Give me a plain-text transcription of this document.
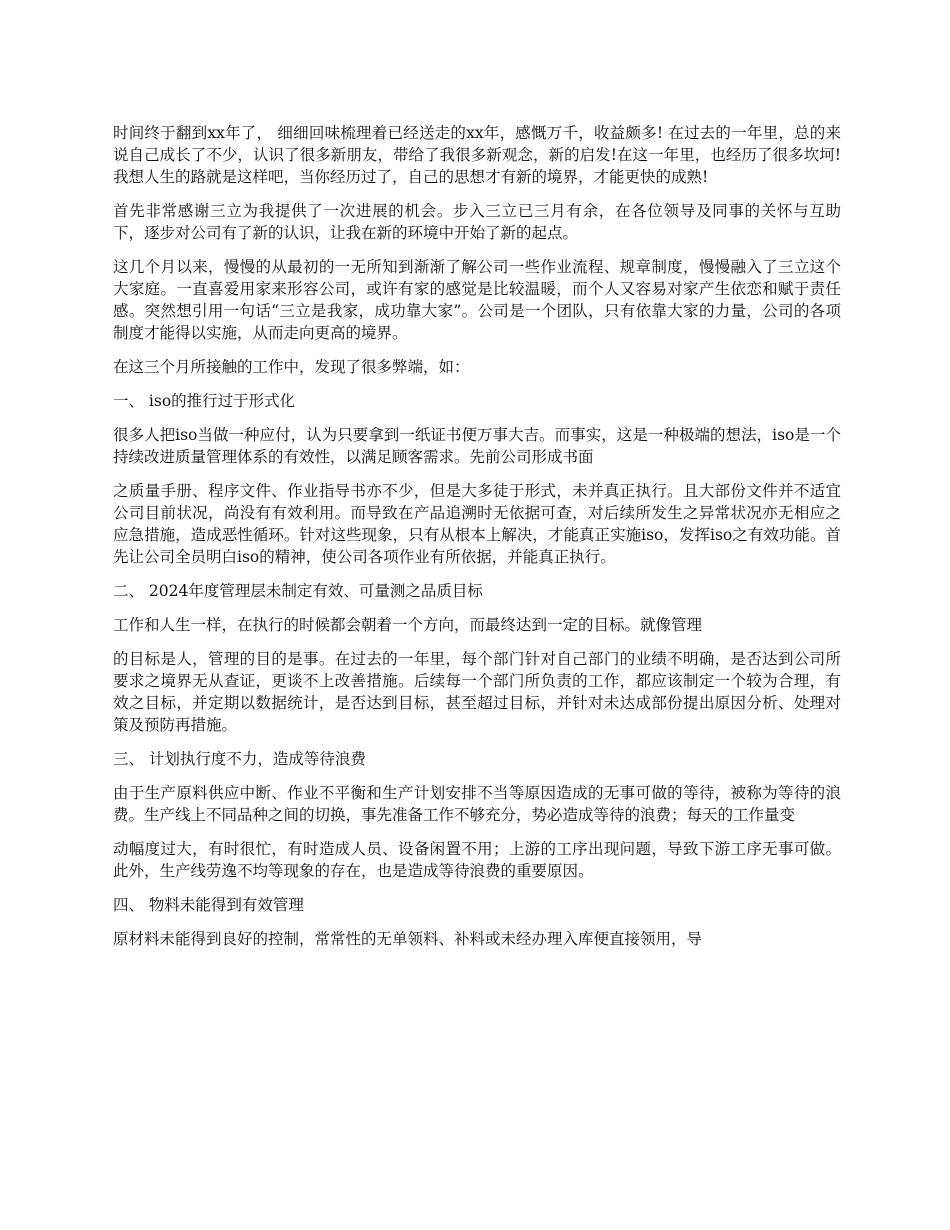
时间终于翻到xx年了， 细细回味梳理着已经送走的xx年，感慨万千，收益颇多! 在过去的一年里，总的来说自己成长了不少，认识了很多新朋友，带给了我很多新观念，新的启发!在这一年里，也经历了很多坎坷!我想人生的路就是这样吧，当你经历过了，自己的思想才有新的境界，才能更快的成熟!

首先非常感谢三立为我提供了一次进展的机会。步入三立已三月有余，在各位领导及同事的关怀与互助下，逐步对公司有了新的认识，让我在新的环境中开始了新的起点。

这几个月以来，慢慢的从最初的一无所知到渐渐了解公司一些作业流程、规章制度，慢慢融入了三立这个大家庭。一直喜爱用家来形容公司，或许有家的感觉是比较温暖，而个人又容易对家产生依恋和赋于责任感。突然想引用一句话“三立是我家，成功靠大家”。公司是一个团队，只有依靠大家的力量，公司的各项制度才能得以实施，从而走向更高的境界。

在这三个月所接触的工作中，发现了很多弊端，如：

一、 iso的推行过于形式化

很多人把iso当做一种应付，认为只要拿到一纸证书便万事大吉。而事实，这是一种极端的想法，iso是一个持续改进质量管理体系的有效性，以满足顾客需求。先前公司形成书面

之质量手册、程序文件、作业指导书亦不少，但是大多徒于形式，未并真正执行。且大部份文件并不适宜公司目前状况，尚没有有效利用。而导致在产品追溯时无依据可查，对后续所发生之异常状况亦无相应之应急措施，造成恶性循环。针对这些现象，只有从根本上解决，才能真正实施iso，发挥iso之有效功能。首先让公司全员明白iso的精神，使公司各项作业有所依据，并能真正执行。

二、 2024年度管理层未制定有效、可量测之品质目标

工作和人生一样，在执行的时候都会朝着一个方向，而最终达到一定的目标。就像管理

的目标是人，管理的目的是事。在过去的一年里，每个部门针对自己部门的业绩不明确，是否达到公司所要求之境界无从查证，更谈不上改善措施。后续每一个部门所负责的工作，都应该制定一个较为合理，有效之目标，并定期以数据统计，是否达到目标，甚至超过目标，并针对未达成部份提出原因分析、处理对策及预防再措施。

三、 计划执行度不力，造成等待浪费

由于生产原料供应中断、作业不平衡和生产计划安排不当等原因造成的无事可做的等待，被称为等待的浪费。生产线上不同品种之间的切换，事先准备工作不够充分，势必造成等待的浪费；每天的工作量变

动幅度过大，有时很忙，有时造成人员、设备闲置不用；上游的工序出现问题，导致下游工序无事可做。此外，生产线劳逸不均等现象的存在，也是造成等待浪费的重要原因。

四、 物料未能得到有效管理

原材料未能得到良好的控制，常常性的无单领料、补料或未经办理入库便直接领用，导
